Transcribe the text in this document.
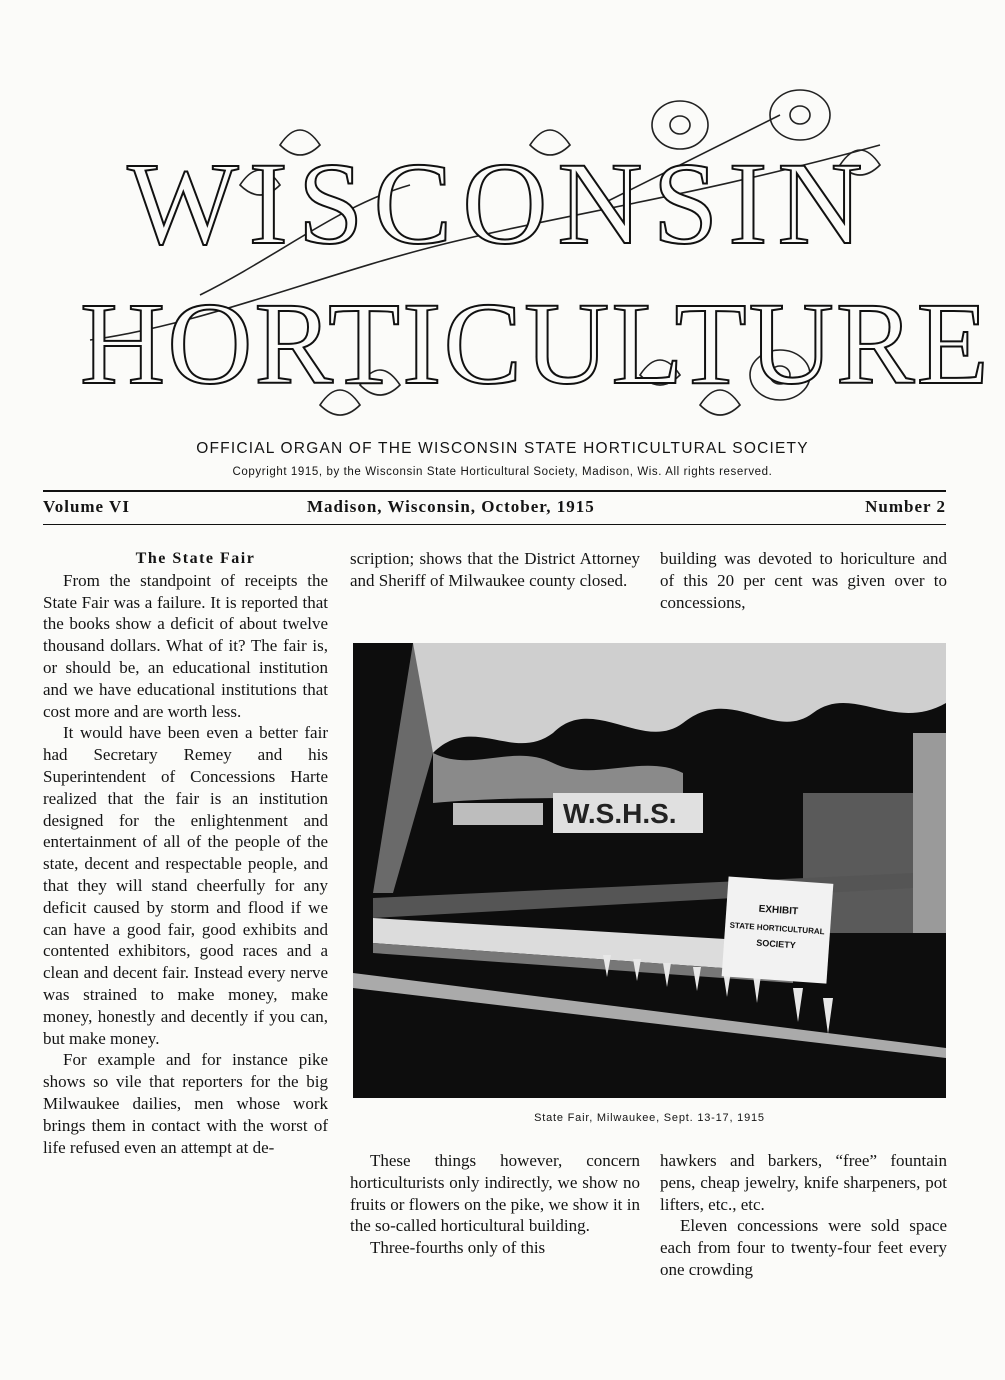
WISCONSIN
HORTICULTURE
OFFICIAL ORGAN OF THE WISCONSIN STATE HORTICULTURAL SOCIETY
Copyright 1915, by the Wisconsin State Horticultural Society, Madison, Wis. All rights reserved.
Volume VI	Madison, Wisconsin, October, 1915	Number 2

The State Fair

From the standpoint of receipts the State Fair was a failure. It is reported that the books show a deficit of about twelve thousand dollars. What of it? The fair is, or should be, an educational institution and we have educational institutions that cost more and are worth less.

It would have been even a better fair had Secretary Remey and his Superintendent of Concessions Harte realized that the fair is an institution designed for the enlightenment and entertainment of all of the people of the state, decent and respectable people, and that they will stand cheerfully for any deficit caused by storm and flood if we can have a good fair, good exhibits and contented exhibitors, good races and a clean and decent fair. Instead every nerve was strained to make money, make money, honestly and decently if you can, but make money.

For example and for instance pike shows so vile that reporters for the big Milwaukee dailies, men whose work brings them in contact with the worst of life refused even an attempt at de-

scription; shows that the District Attorney and Sheriff of Milwaukee county closed.

building was devoted to horiculture and of this 20 per cent was given over to concessions,

W.S.H.S.
EXHIBIT
STATE HORTICULTURAL
SOCIETY
State Fair, Milwaukee, Sept. 13-17, 1915

These things however, concern horticulturists only indirectly, we show no fruits or flowers on the pike, we show it in the so-called horticultural building.

Three-fourths only of this

hawkers and barkers, “free” fountain pens, cheap jewelry, knife sharpeners, pot lifters, etc., etc.

Eleven concessions were sold space each from four to twenty-four feet every one crowding
